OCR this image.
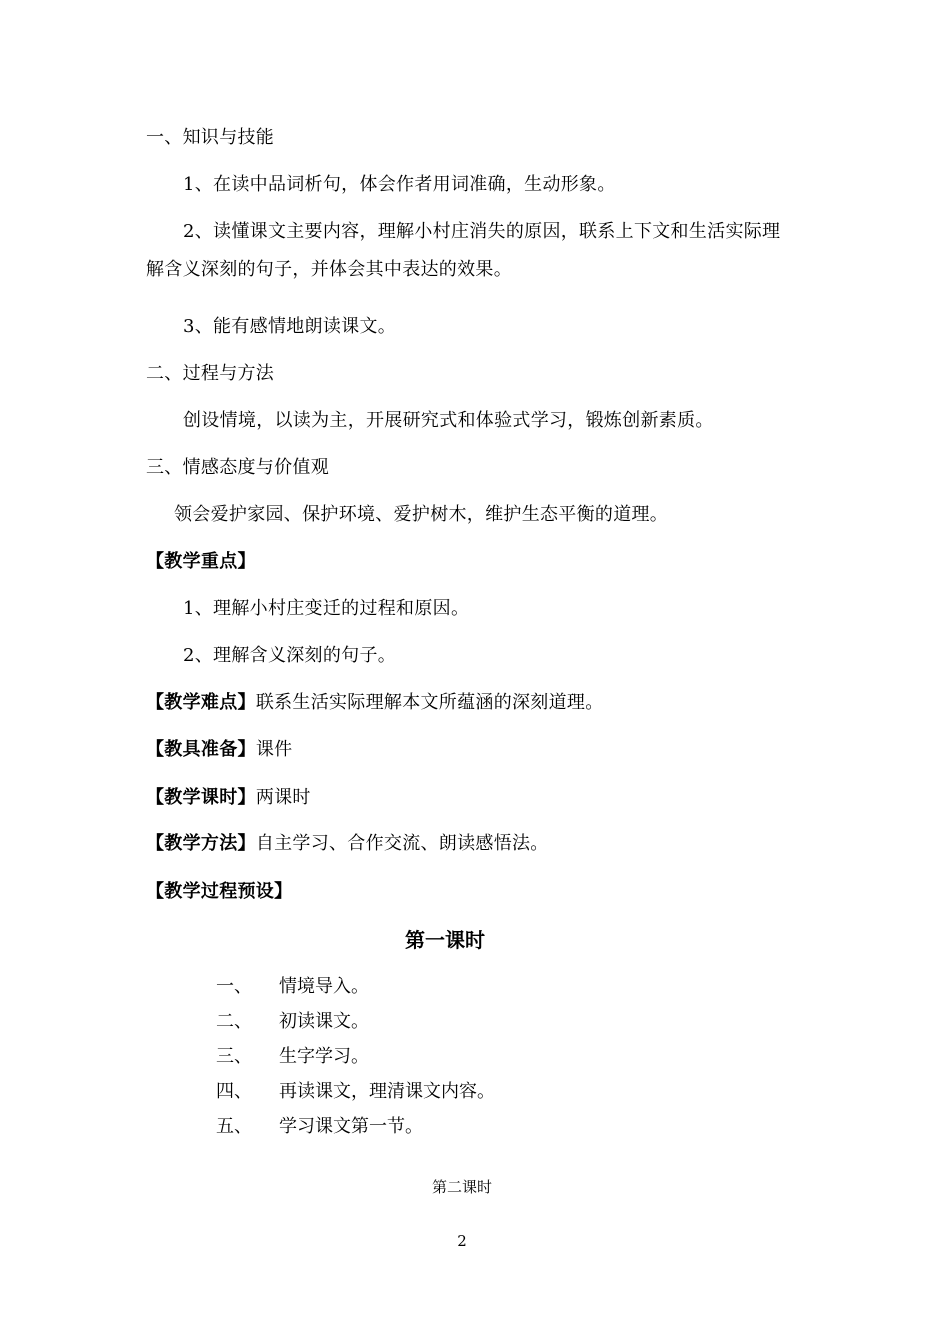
一、知识与技能
1、在读中品词析句，体会作者用词准确，生动形象。
2、读懂课文主要内容，理解小村庄消失的原因，联系上下文和生活实际理
解含义深刻的句子，并体会其中表达的效果。
3、能有感情地朗读课文。
二、过程与方法
创设情境，以读为主，开展研究式和体验式学习，锻炼创新素质。
三、情感态度与价值观
领会爱护家园、保护环境、爱护树木，维护生态平衡的道理。
【教学重点】
1、理解小村庄变迁的过程和原因。
2、理解含义深刻的句子。
【教学难点】联系生活实际理解本文所蕴涵的深刻道理。
【教具准备】课件
【教学课时】两课时
【教学方法】自主学习、合作交流、朗读感悟法。
【教学过程预设】
第一课时
一、 情境导入。
二、 初读课文。
三、 生字学习。
四、 再读课文，理清课文内容。
五、 学习课文第一节。
第二课时
2
